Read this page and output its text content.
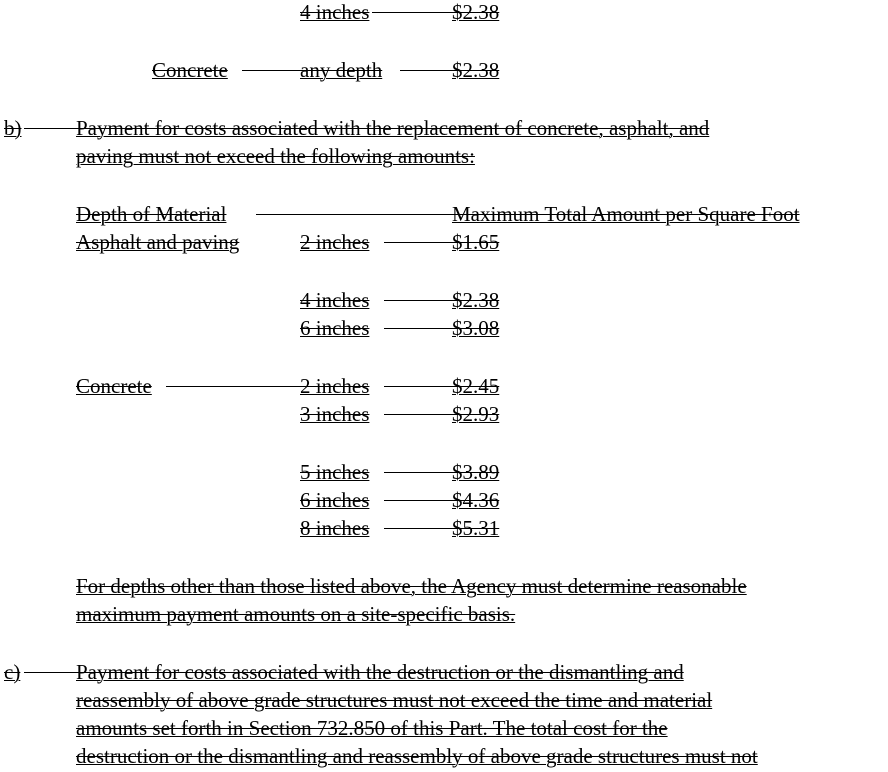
4 inches	$2.38
Concrete	any depth	$2.38
b)	Payment for costs associated with the replacement of concrete, asphalt, and
paving must not exceed the following amounts:
Depth of Material	Maximum Total Amount per Square Foot
Asphalt and paving	2 inches	$1.65
4 inches	$2.38
6 inches	$3.08
Concrete	2 inches	$2.45
3 inches	$2.93
5 inches	$3.89
6 inches	$4.36
8 inches	$5.31
For depths other than those listed above, the Agency must determine reasonable
maximum payment amounts on a site-specific basis.
c)	Payment for costs associated with the destruction or the dismantling and
reassembly of above grade structures must not exceed the time and material
amounts set forth in Section 732.850 of this Part. The total cost for the
destruction or the dismantling and reassembly of above grade structures must not
